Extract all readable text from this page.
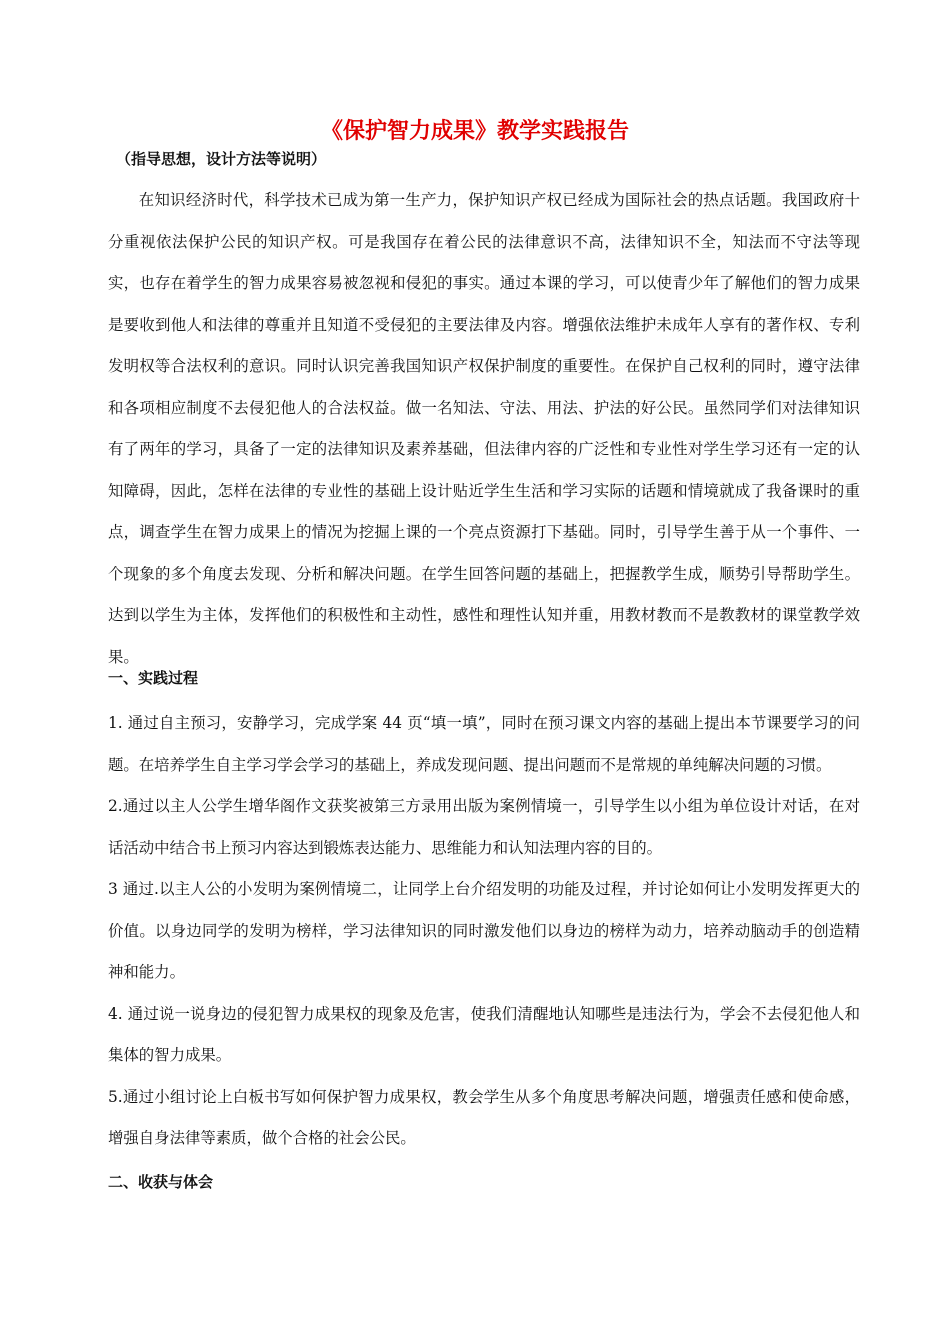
《保护智力成果》教学实践报告

（指导思想，设计方法等说明）

在知识经济时代，科学技术已成为第一生产力，保护知识产权已经成为国际社会的热点话题。我国政府十分重视依法保护公民的知识产权。可是我国存在着公民的法律意识不高，法律知识不全，知法而不守法等现实，也存在着学生的智力成果容易被忽视和侵犯的事实。通过本课的学习，可以使青少年了解他们的智力成果是要收到他人和法律的尊重并且知道不受侵犯的主要法律及内容。增强依法维护未成年人享有的著作权、专利发明权等合法权利的意识。同时认识完善我国知识产权保护制度的重要性。在保护自己权利的同时，遵守法律和各项相应制度不去侵犯他人的合法权益。做一名知法、守法、用法、护法的好公民。虽然同学们对法律知识有了两年的学习，具备了一定的法律知识及素养基础，但法律内容的广泛性和专业性对学生学习还有一定的认知障碍，因此，怎样在法律的专业性的基础上设计贴近学生生活和学习实际的话题和情境就成了我备课时的重点，调查学生在智力成果上的情况为挖掘上课的一个亮点资源打下基础。同时，引导学生善于从一个事件、一个现象的多个角度去发现、分析和解决问题。在学生回答问题的基础上，把握教学生成，顺势引导帮助学生。达到以学生为主体，发挥他们的积极性和主动性，感性和理性认知并重，用教材教而不是教教材的课堂教学效果。

一、实践过程
1. 通过自主预习，安静学习，完成学案 44 页“填一填”，同时在预习课文内容的基础上提出本节课要学习的问题。在培养学生自主学习学会学习的基础上，养成发现问题、提出问题而不是常规的单纯解决问题的习惯。
2.通过以主人公学生增华阁作文获奖被第三方录用出版为案例情境一，引导学生以小组为单位设计对话，在对话活动中结合书上预习内容达到锻炼表达能力、思维能力和认知法理内容的目的。
3 通过.以主人公的小发明为案例情境二，让同学上台介绍发明的功能及过程，并讨论如何让小发明发挥更大的价值。以身边同学的发明为榜样，学习法律知识的同时激发他们以身边的榜样为动力，培养动脑动手的创造精神和能力。
4. 通过说一说身边的侵犯智力成果权的现象及危害，使我们清醒地认知哪些是违法行为，学会不去侵犯他人和集体的智力成果。
5.通过小组讨论上白板书写如何保护智力成果权，教会学生从多个角度思考解决问题，增强责任感和使命感，增强自身法律等素质，做个合格的社会公民。
二、收获与体会
